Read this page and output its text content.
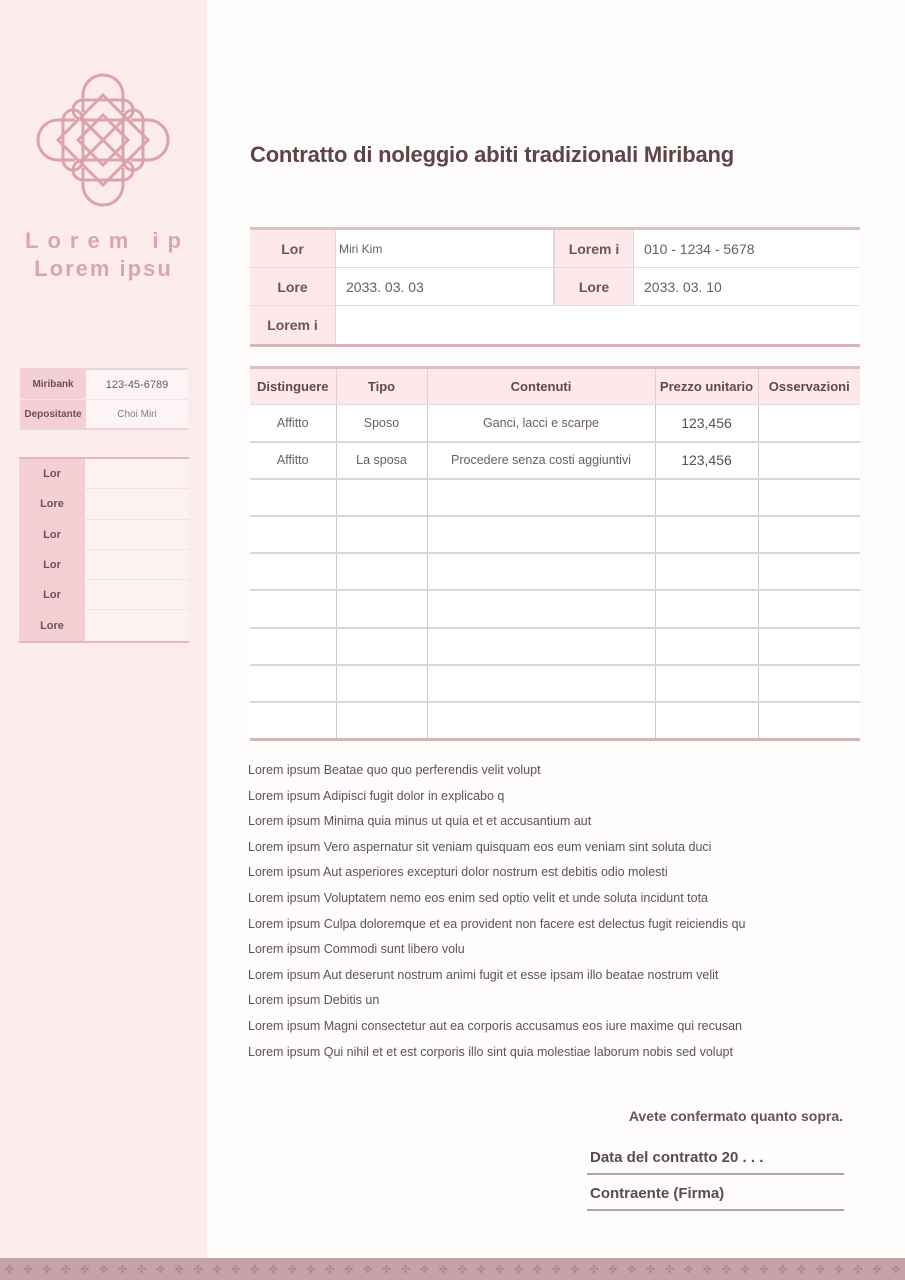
Lorem ip
Lorem ipsu
Miribank	123-45-6789
Depositante	Choi Miri
Lor
Lore
Lor
Lor
Lor
Lore
Contratto di noleggio abiti tradizionali Miribang
Lor	Miri Kim	Lorem i	010 - 1234 - 5678
Lore	2033. 03. 03	Lore	2033. 03. 10
Lorem i
Distinguere	Tipo	Contenuti	Prezzo unitario	Osservazioni
Affitto	Sposo	Ganci, lacci e scarpe	123,456	
Affitto	La sposa	Procedere senza costi aggiuntivi	123,456	

Lorem ipsum Beatae quo quo perferendis velit volupt
Lorem ipsum Adipisci fugit dolor in explicabo q
Lorem ipsum Minima quia minus ut quia et et accusantium aut
Lorem ipsum Vero aspernatur sit veniam quisquam eos eum veniam sint soluta duci
Lorem ipsum Aut asperiores excepturi dolor nostrum est debitis odio molesti
Lorem ipsum Voluptatem nemo eos enim sed optio velit et unde soluta incidunt tota
Lorem ipsum Culpa doloremque et ea provident non facere est delectus fugit reiciendis qu
Lorem ipsum Commodi sunt libero volu
Lorem ipsum Aut deserunt nostrum animi fugit et esse ipsam illo beatae nostrum velit
Lorem ipsum Debitis un
Lorem ipsum Magni consectetur aut ea corporis accusamus eos iure maxime qui recusan
Lorem ipsum Qui nihil et et est corporis illo sint quia molestiae laborum nobis sed volupt
Avete confermato quanto sopra.
Data del contratto 20 . . .
Contraente (Firma)
✤ ✤ ✤ ✤ ✤ ✤ ✤ ✤ ✤ ✤ ✤ ✤ ✤ ✤ ✤ ✤ ✤ ✤ ✤ ✤ ✤ ✤ ✤ ✤ ✤ ✤ ✤ ✤ ✤ ✤ ✤ ✤ ✤ ✤ ✤ ✤ ✤ ✤ ✤ ✤ ✤ ✤ ✤ ✤ ✤ ✤ ✤ ✤
